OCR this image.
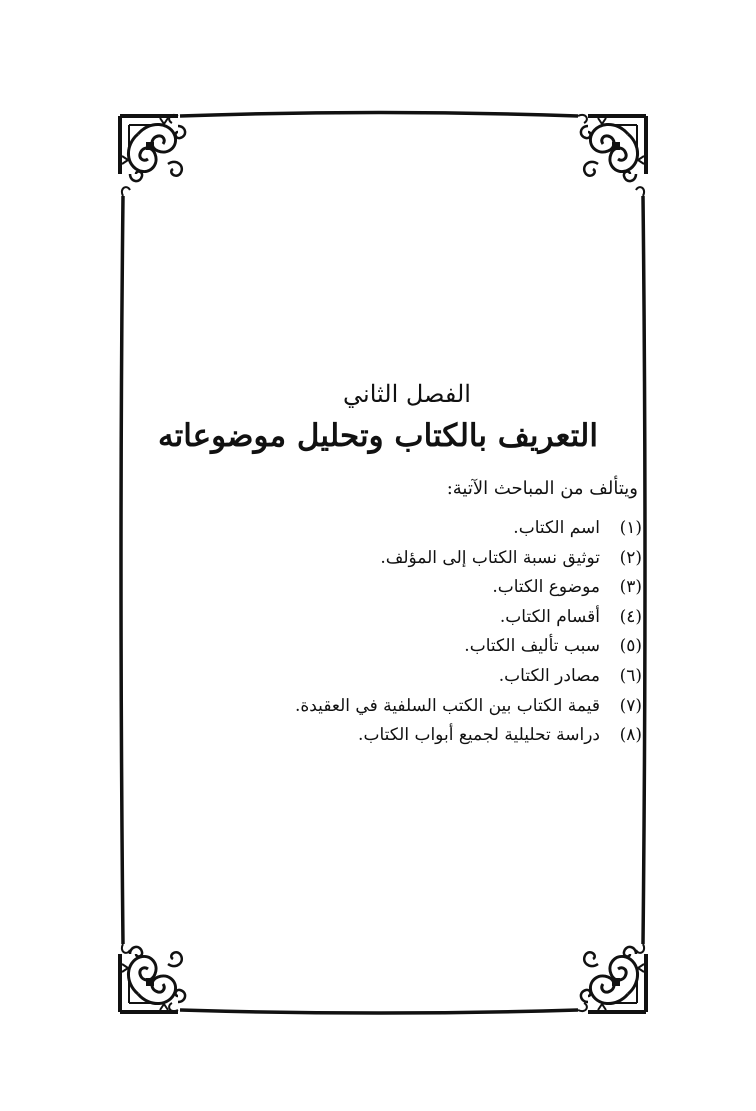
الفصل الثاني
التعريف بالكتاب وتحليل موضوعاته
ويتألف من المباحث الآتية:
(١)اسم الكتاب.
(٢)توثيق نسبة الكتاب إلى المؤلف.
(٣)موضوع الكتاب.
(٤)أقسام الكتاب.
(٥)سبب تأليف الكتاب.
(٦)مصادر الكتاب.
(٧)قيمة الكتاب بين الكتب السلفية في العقيدة.
(٨)دراسة تحليلية لجميع أبواب الكتاب.
